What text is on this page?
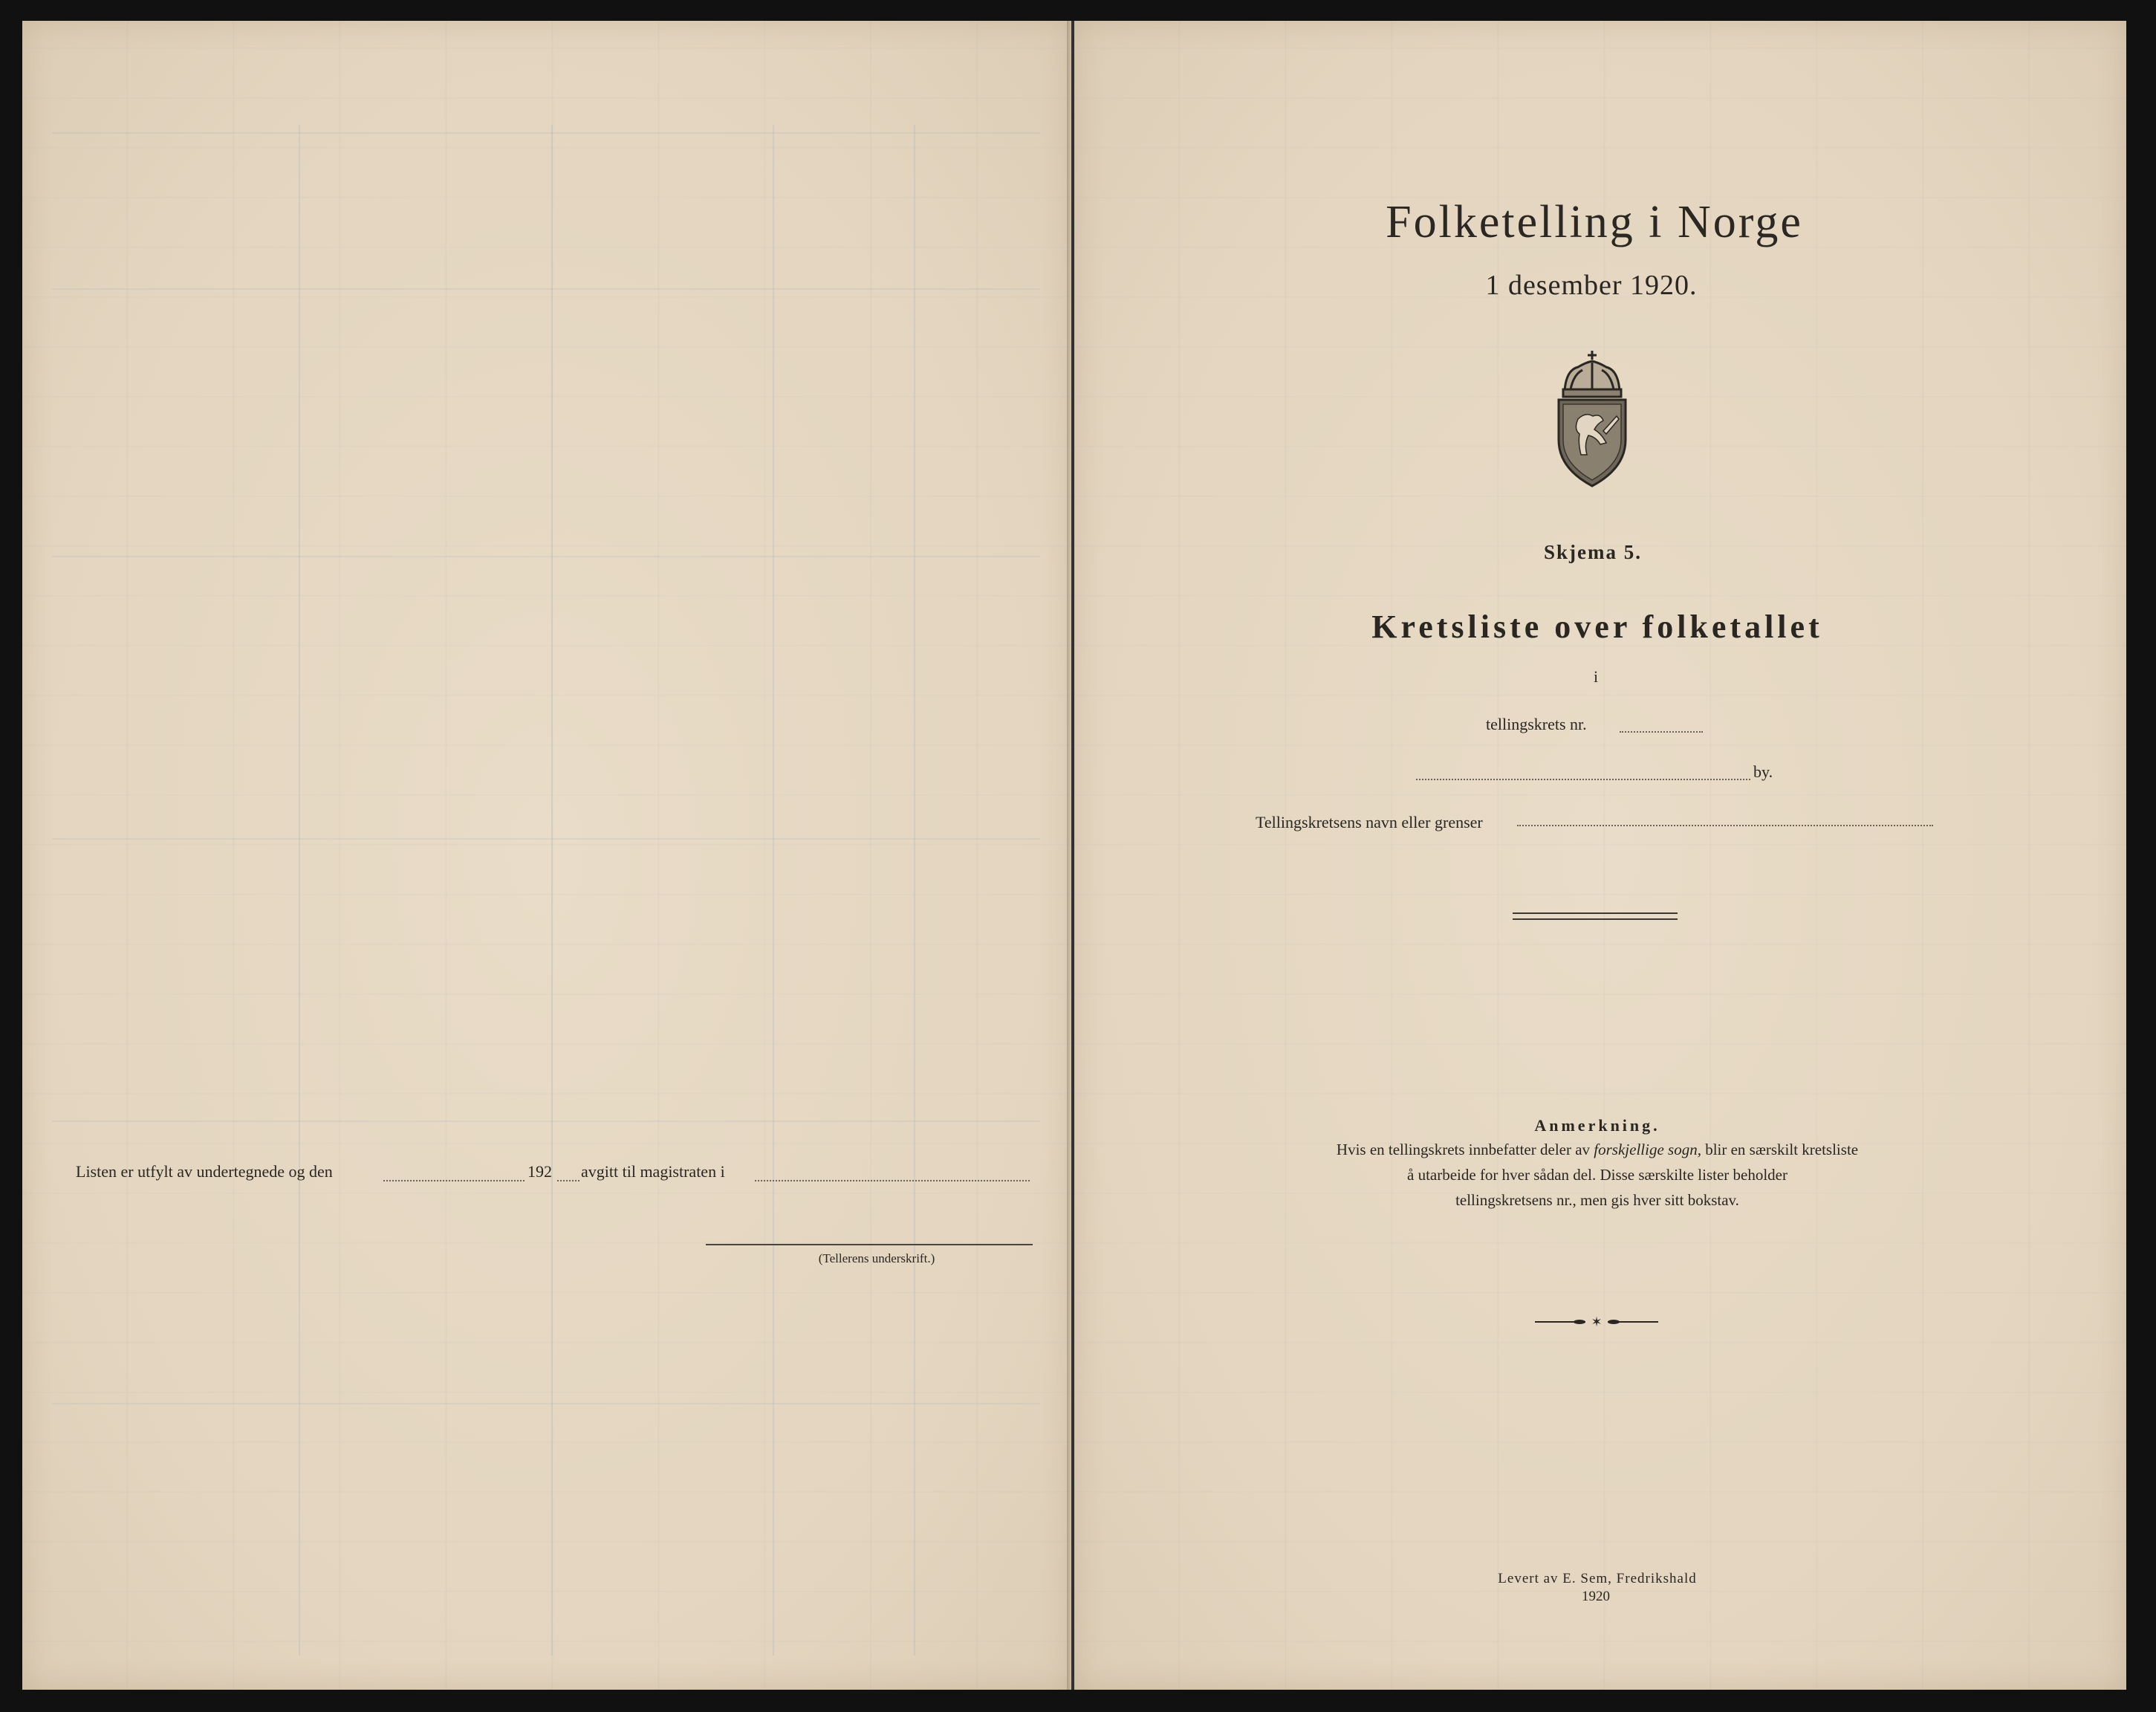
Listen er utfylt av undertegnede og den	192 avgitt til magistraten i
(Tellerens underskrift.)
Folketelling i Norge
1 desember 1920.
Skjema 5.
Kretsliste over folketallet
i
tellingskrets nr.
by.
Tellingskretsens navn eller grenser
Anmerkning.
Hvis en tellingskrets innbefatter deler av forskjellige sogn, blir en særskilt kretsliste
å utarbeide for hver sådan del. Disse særskilte lister beholder
tellingskretsens nr., men gis hver sitt bokstav.
✶
Levert av E. Sem, Fredrikshald
1920
